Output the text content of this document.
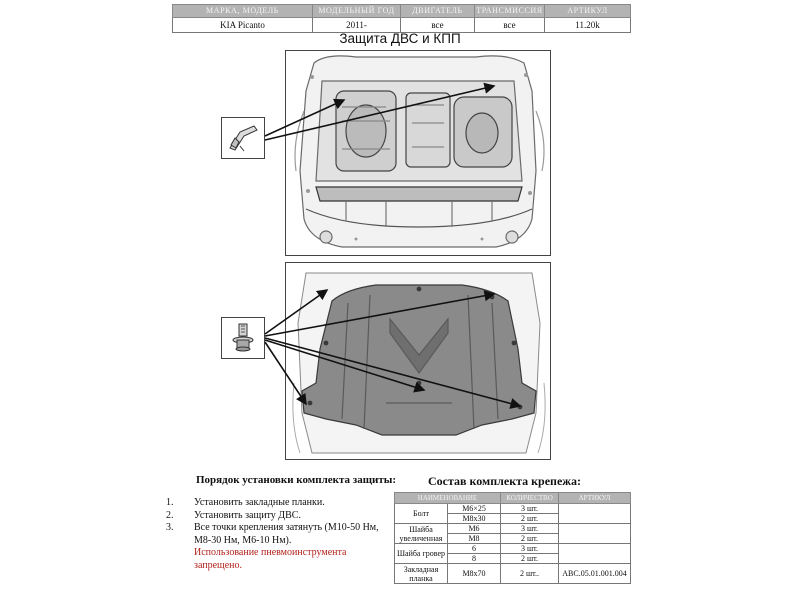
МАРКА, МОДЕЛЬ	МОДЕЛЬНЫЙ ГОД	ДВИГАТЕЛЬ	ТРАНСМИССИЯ	АРТИКУЛ
KIA Picanto	2011-	все	все	11.20k
Защита ДВС и КПП
Порядок установки комплекта защиты:
1.	Установить закладные планки.
2.	Установить защиту ДВС.
3.	Все точки крепления затянуть (М10-50 Нм,
М8-30 Нм, М6-10 Нм).
Использование пневмоинструмента запрещено.
Состав комплекта крепежа:
НАИМЕНОВАНИЕ		КОЛИЧЕСТВО	АРТИКУЛ
Болт	M6×25	3 шт.	
	M8x30	2 шт.	
Шайба увеличенная	M6	3 шт.	
	M8	2 шт.	
Шайба гровер	6	3 шт.	
	8	2 шт.	
Закладная планка	M8x70	2 шт..	ABC.05.01.001.004
